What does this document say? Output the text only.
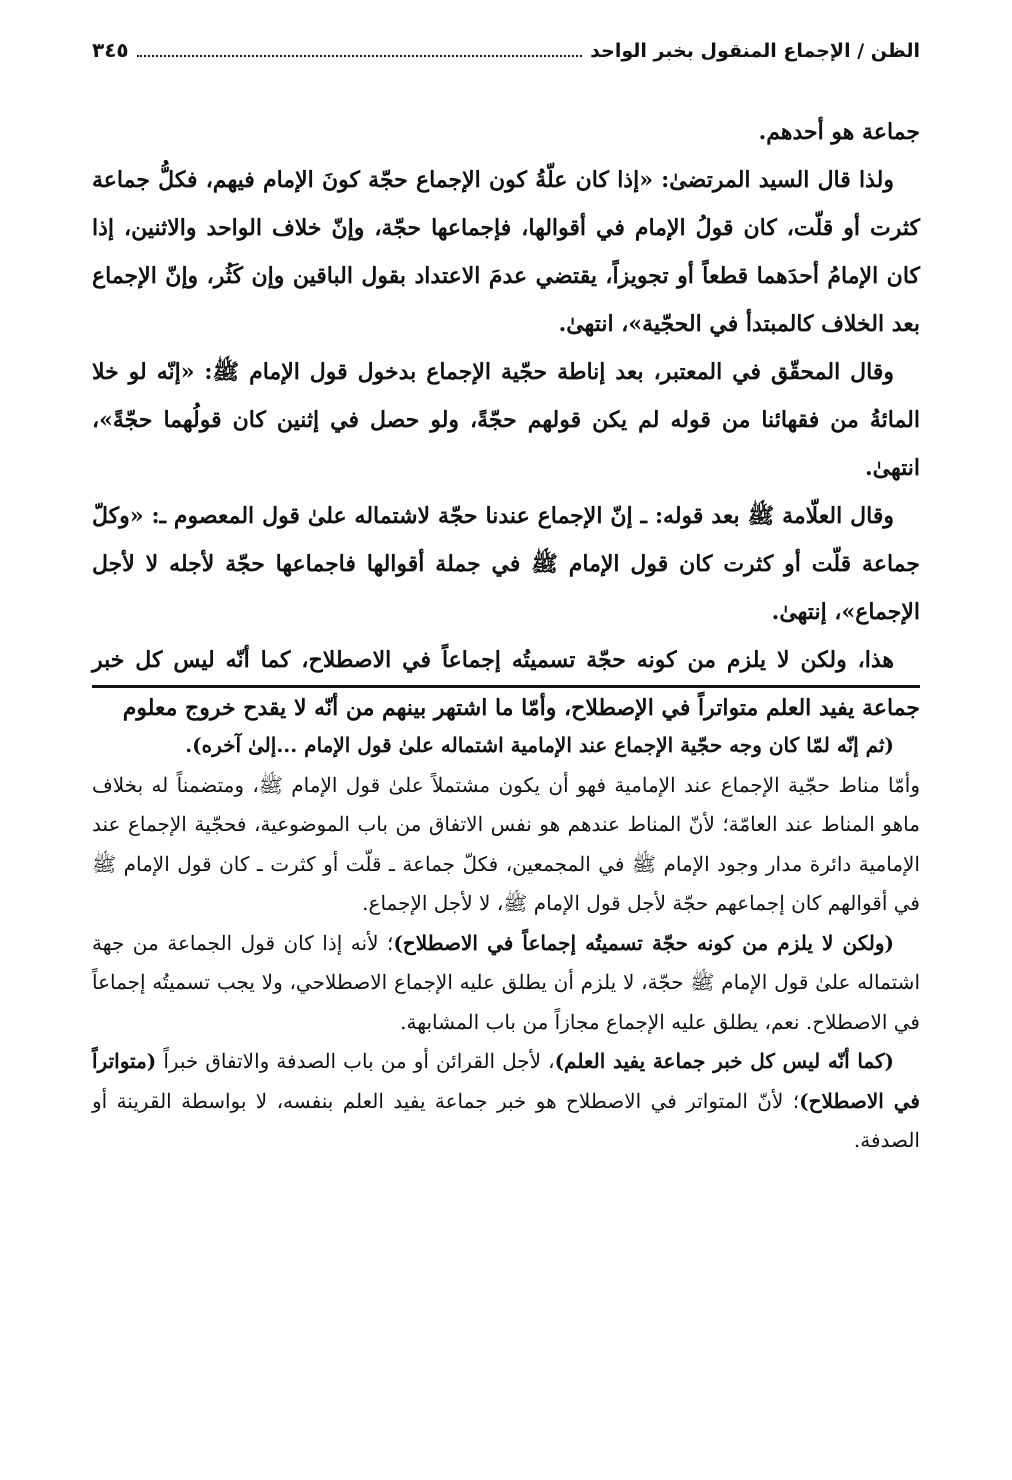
الظن / الإجماع المنقول بخبر الواحد
٣٤٥

جماعة هو أحدهم.

ولذا قال السيد المرتضىٰ: «إذا كان علّةُ كون الإجماع حجّة كونَ الإمام فيهم، فكلُّ جماعة كثرت أو قلّت، كان قولُ الإمام في أقوالها، فإجماعها حجّة، وإنّ خلاف الواحد والاثنين، إذا كان الإمامُ أحدَهما قطعاً أو تجويزاً، يقتضي عدمَ الاعتداد بقول الباقين وإن كَثُر، وإنّ الإجماع بعد الخلاف كالمبتدأ في الحجّية»، انتهىٰ.

وقال المحقّق في المعتبر، بعد إناطة حجّية الإجماع بدخول قول الإمام ﷺ: «إنّه لو خلا المائةُ من فقهائنا من قوله لم يكن قولهم حجّةً، ولو حصل في إثنين كان قولُهما حجّةً»، انتهىٰ.

وقال العلّامة ﷺ بعد قوله: ـ إنّ الإجماع عندنا حجّة لاشتماله علىٰ قول المعصوم ـ: «وكلّ جماعة قلّت أو كثرت كان قول الإمام ﷺ في جملة أقوالها فاجماعها حجّة لأجله لا لأجل الإجماع»، إنتهىٰ.

هذا، ولكن لا يلزم من كونه حجّة تسميتُه إجماعاً في الاصطلاح، كما أنّه ليس كل خبر جماعة يفيد العلم متواتراً في الإصطلاح، وأمّا ما اشتهر بينهم من أنّه لا يقدح خروج معلوم

(ثم إنّه لمّا كان وجه حجّية الإجماع عند الإمامية اشتماله علىٰ قول الإمام ...إلىٰ آخره).

وأمّا مناط حجّية الإجماع عند الإمامية فهو أن يكون مشتملاً علىٰ قول الإمام ﷺ، ومتضمناً له بخلاف ماهو المناط عند العامّة؛ لأنّ المناط عندهم هو نفس الاتفاق من باب الموضوعية، فحجّية الإجماع عند الإمامية دائرة مدار وجود الإمام ﷺ في المجمعين، فكلّ جماعة ـ قلّت أو كثرت ـ كان قول الإمام ﷺ في أقوالهم كان إجماعهم حجّة لأجل قول الإمام ﷺ، لا لأجل الإجماع.

(ولكن لا يلزم من كونه حجّة تسميتُه إجماعاً في الاصطلاح)؛ لأنه إذا كان قول الجماعة من جهة اشتماله علىٰ قول الإمام ﷺ حجّة، لا يلزم أن يطلق عليه الإجماع الاصطلاحي، ولا يجب تسميتُه إجماعاً في الاصطلاح. نعم، يطلق عليه الإجماع مجازاً من باب المشابهة.

(كما أنّه ليس كل خبر جماعة يفيد العلم)، لأجل القرائن أو من باب الصدفة والاتفاق خبراً (متواتراً في الاصطلاح)؛ لأنّ المتواتر في الاصطلاح هو خبر جماعة يفيد العلم بنفسه، لا بواسطة القرينة أو الصدفة.
